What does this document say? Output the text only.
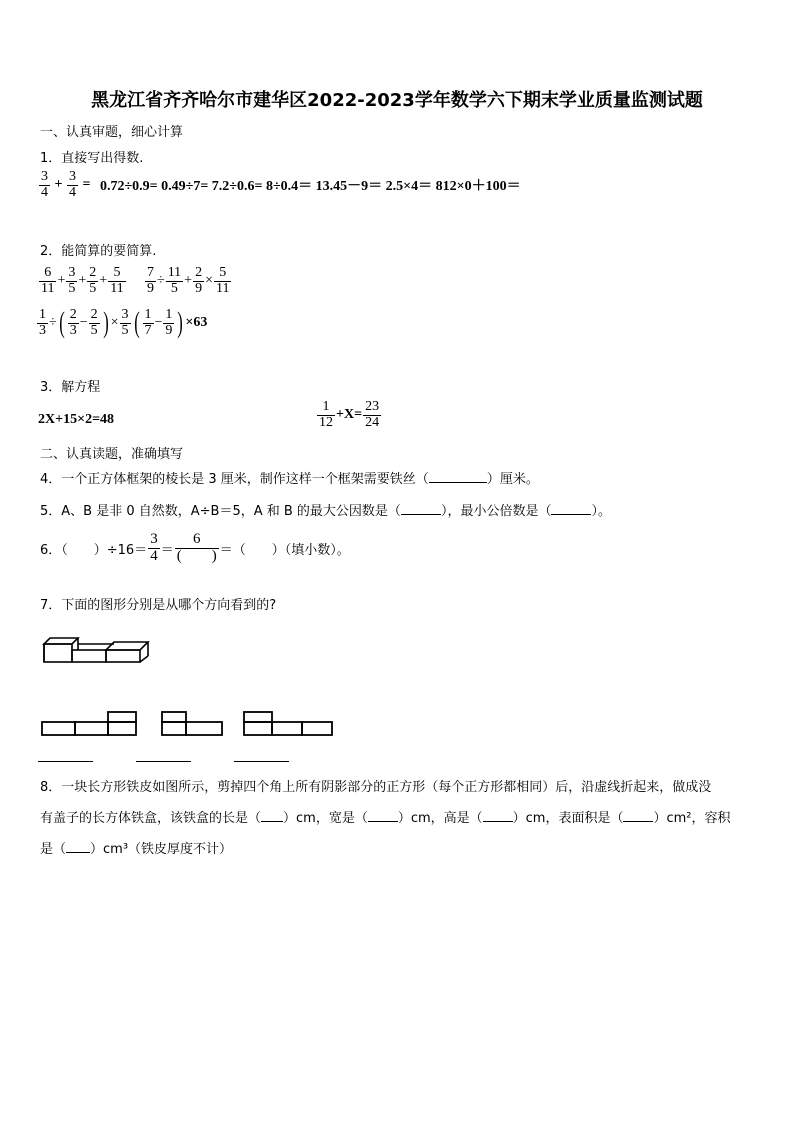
黑龙江省齐齐哈尔市建华区2022-2023学年数学六下期末学业质量监测试题
一、认真审题，细心计算
1．直接写出得数.
$\frac{3}{4} + \frac{3}{4} = 0.72\div 0.9= 0.49\div 7= 7.2\div 0.6= 8\div 0.4= 13.45-9= 2.5\times 4= 812\times 0+100=$
2．能简算的要简算.
$\frac{6}{11} + \frac{3}{5} + \frac{2}{5} + \frac{5}{11} \frac{7}{9} \div \frac{11}{5} + \frac{2}{9} \times \frac{5}{11}$
$\frac{1}{3}$ ÷( $\frac{2}{3} - \frac{2}{5}$ ) × $\frac{3}{5}$ ( $\frac{1}{7} - \frac{1}{9}$ ) ×63
3．解方程
2X+15×2=48	$\frac{1}{12} +X= \frac{23}{24}$
二、认真读题，准确填写
4．一个正方体框架的棱长是 3 厘米，制作这样一个框架需要铁丝（	）厘米。
5．A、B 是非 0 自然数，A÷B＝5，A 和 B 的最大公因数是（	），最小公倍数是（	）。
6．（　　）$\div 16= \frac{3}{4} = \frac{6}{( )}$ ＝（　　）（填小数）。
7．下面的图形分别是从哪个方向看到的?
8．一块长方形铁皮如图所示，剪掉四个角上所有阴影部分的正方形（每个正方形都相同）后，沿虚线折起来，做成没
有盖子的长方体铁盒，该铁盒的长是（ ）cm，宽是（ ）cm，高是（ ）cm，表面积是（ ）cm²，容积
是（ ）cm³（铁皮厚度不计）
